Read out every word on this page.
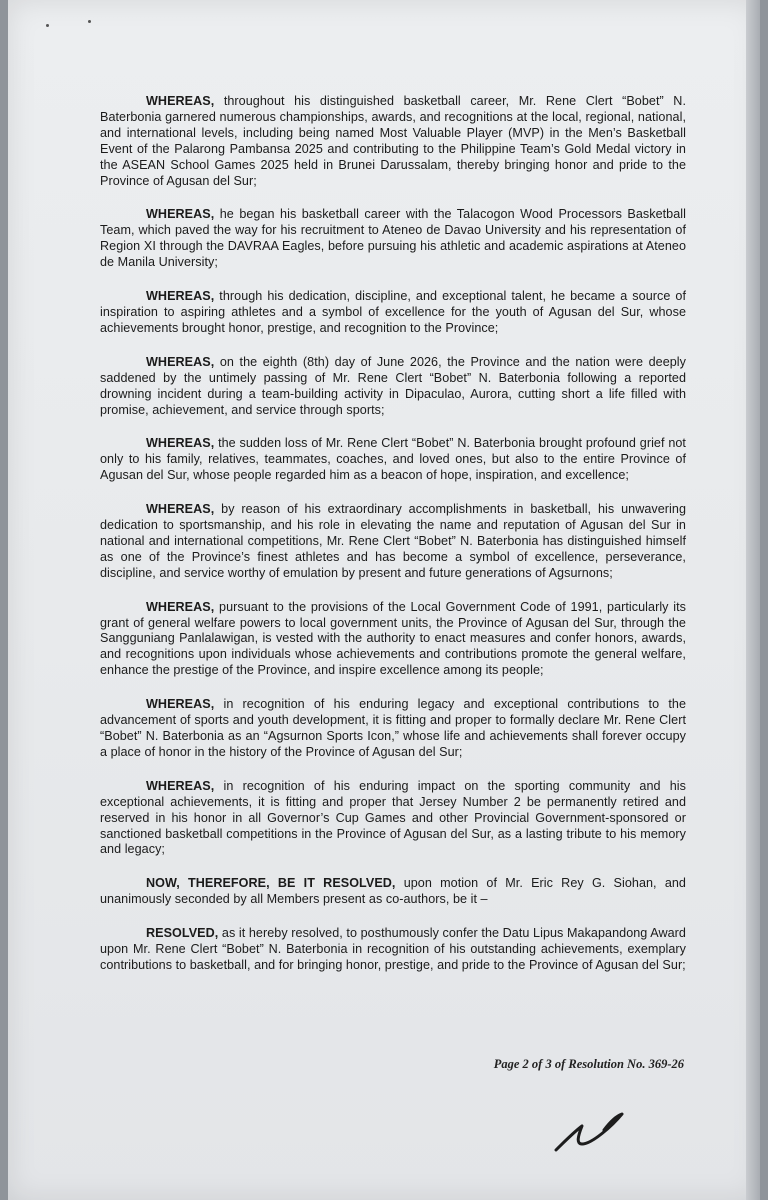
WHEREAS, throughout his distinguished basketball career, Mr. Rene Clert “Bobet” N. Baterbonia garnered numerous championships, awards, and recognitions at the local, regional, national, and international levels, including being named Most Valuable Player (MVP) in the Men’s Basketball Event of the Palarong Pambansa 2025 and contributing to the Philippine Team’s Gold Medal victory in the ASEAN School Games 2025 held in Brunei Darussalam, thereby bringing honor and pride to the Province of Agusan del Sur;

WHEREAS, he began his basketball career with the Talacogon Wood Processors Basketball Team, which paved the way for his recruitment to Ateneo de Davao University and his representation of Region XI through the DAVRAA Eagles, before pursuing his athletic and academic aspirations at Ateneo de Manila University;

WHEREAS, through his dedication, discipline, and exceptional talent, he became a source of inspiration to aspiring athletes and a symbol of excellence for the youth of Agusan del Sur, whose achievements brought honor, prestige, and recognition to the Province;

WHEREAS, on the eighth (8th) day of June 2026, the Province and the nation were deeply saddened by the untimely passing of Mr. Rene Clert “Bobet” N. Baterbonia following a reported drowning incident during a team-building activity in Dipaculao, Aurora, cutting short a life filled with promise, achievement, and service through sports;

WHEREAS, the sudden loss of Mr. Rene Clert “Bobet” N. Baterbonia brought profound grief not only to his family, relatives, teammates, coaches, and loved ones, but also to the entire Province of Agusan del Sur, whose people regarded him as a beacon of hope, inspiration, and excellence;

WHEREAS, by reason of his extraordinary accomplishments in basketball, his unwavering dedication to sportsmanship, and his role in elevating the name and reputation of Agusan del Sur in national and international competitions, Mr. Rene Clert “Bobet” N. Baterbonia has distinguished himself as one of the Province’s finest athletes and has become a symbol of excellence, perseverance, discipline, and service worthy of emulation by present and future generations of Agsurnons;

WHEREAS, pursuant to the provisions of the Local Government Code of 1991, particularly its grant of general welfare powers to local government units, the Province of Agusan del Sur, through the Sangguniang Panlalawigan, is vested with the authority to enact measures and confer honors, awards, and recognitions upon individuals whose achievements and contributions promote the general welfare, enhance the prestige of the Province, and inspire excellence among its people;

WHEREAS, in recognition of his enduring legacy and exceptional contributions to the advancement of sports and youth development, it is fitting and proper to formally declare Mr. Rene Clert “Bobet” N. Baterbonia as an “Agsurnon Sports Icon,” whose life and achievements shall forever occupy a place of honor in the history of the Province of Agusan del Sur;

WHEREAS, in recognition of his enduring impact on the sporting community and his exceptional achievements, it is fitting and proper that Jersey Number 2 be permanently retired and reserved in his honor in all Governor’s Cup Games and other Provincial Government-sponsored or sanctioned basketball competitions in the Province of Agusan del Sur, as a lasting tribute to his memory and legacy;

NOW, THEREFORE, BE IT RESOLVED, upon motion of Mr. Eric Rey G. Siohan, and unanimously seconded by all Members present as co-authors, be it –

RESOLVED, as it hereby resolved, to posthumously confer the Datu Lipus Makapandong Award upon Mr. Rene Clert “Bobet” N. Baterbonia in recognition of his outstanding achievements, exemplary contributions to basketball, and for bringing honor, prestige, and pride to the Province of Agusan del Sur;

Page 2 of 3 of Resolution No. 369-26
